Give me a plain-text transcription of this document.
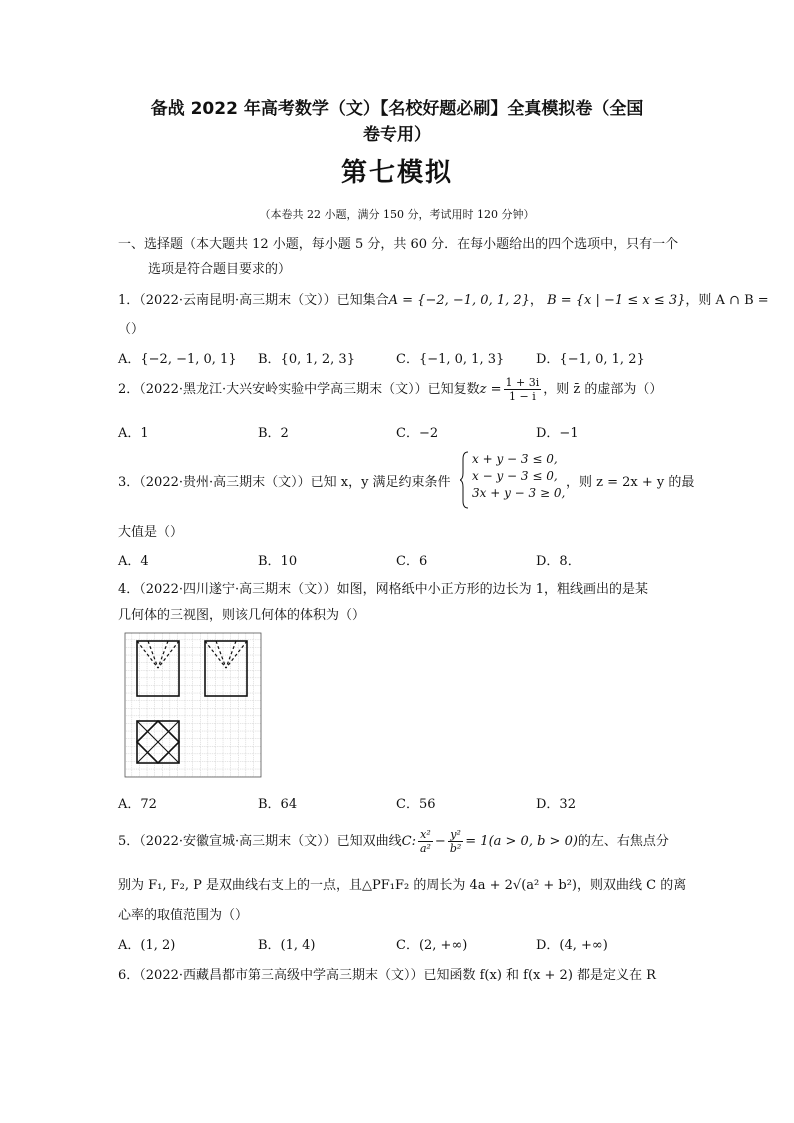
备战 2022 年高考数学（文）【名校好题必刷】全真模拟卷（全国
卷专用）
第七模拟
（本卷共 22 小题，满分 150 分，考试用时 120 分钟）
一、选择题（本大题共 12 小题，每小题 5 分，共 60 分．在每小题给出的四个选项中，只有一个
选项是符合题目要求的）
1．（2022·云南昆明·高三期末（文））已知集合A = {−2, −1, 0, 1, 2}， B = {x | −1 ≤ x ≤ 3}，则 A ∩ B =
（）
A．{−2, −1, 0, 1} B．{0, 1, 2, 3}	C．{−1, 0, 1, 3} D．{−1, 0, 1, 2}
2．（2022·黑龙江·大兴安岭实验中学高三期末（文））已知复数$z = \frac{1 + 3i}{1 - i}$ ，则 z̄ 的虚部为（）
A．1	B．2	C．−2	D．−1
3．（2022·贵州·高三期末（文））已知 x，y 满足约束条件
x + y − 3 ≤ 0,
x − y − 3 ≤ 0,
3x + y − 3 ≥ 0,
，则 z = 2x + y 的最
大值是（）
A．4	B．10	C．6	D．8．
4．（2022·四川遂宁·高三期末（文））如图，网格纸中小正方形的边长为 1，粗线画出的是某
几何体的三视图，则该几何体的体积为（）
A．72	B．64	C．56	D．32
5．（2022·安徽宣城·高三期末（文））已知双曲线C: $\frac{\text{x²}}{\text{a²}} - \frac{\text{y²}}{\text{b²}} = 1(a > 0$, b > 0)的左、右焦点分
别为 F₁, F₂, P 是双曲线右支上的一点，且△PF₁F₂ 的周长为 4a + 2√(a² + b²)，则双曲线 C 的离
心率的取值范围为（）
A．(1, 2)	B．(1, 4)	C．(2, +∞)	D．(4, +∞)
6．（2022·西藏昌都市第三高级中学高三期末（文））已知函数 f(x) 和 f(x + 2) 都是定义在 R
